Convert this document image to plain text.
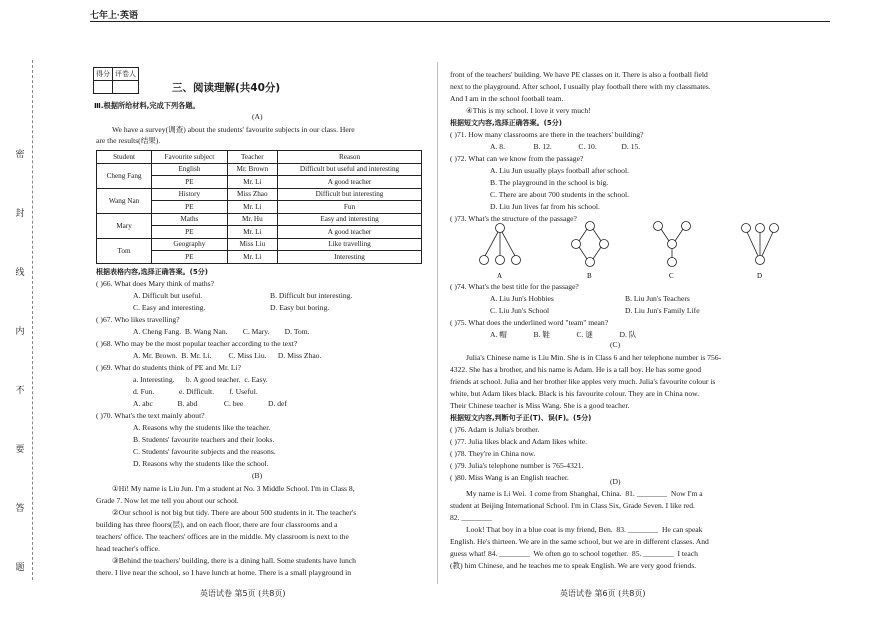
七年上·英语
密
封
线
内
不
要
答
题
得分	评卷人

三、阅读理解(共40分)
Ⅲ.根据所给材料,完成下列各题。
(A)
We have a survey(调查) about the students' favourite subjects in our class. Here
are the results(结果).
Student	Favourite subject	Teacher	Reason
Cheng Fang	English	Mr. Brown	Difficult but useful and interesting
	PE	Mr. Li	A good teacher
Wang Nan	History	Miss Zhao	Difficult but interesting
	PE	Mr. Li	Fun
Mary	Maths	Mr. Hu	Easy and interesting
	PE	Mr. Li	A good teacher
Tom	Geography	Miss Liu	Like travelling
	PE	Mr. Li	Interesting
根据表格内容,选择正确答案。(5分)
( )66. What does Mary think of maths?
A. Difficult but useful.	B. Difficult but interesting.
C. Easy and interesting.	D. Easy but boring.
( )67. Who likes travelling?
A. Cheng Fang.  B. Wang Nan.        C. Mary.        D. Tom.
( )68. Who may be the most popular teacher according to the text?
A. Mr. Brown.  B. Mr. Li.         C. Miss Liu.      D. Miss Zhao.
( )69. What do students think of PE and Mr. Li?
a. Interesting.      b. A good teacher.  c. Easy.
d. Fun.             e. Difficult.        f. Useful.
A. abc             B. abd              C. bee             D. def
( )70. What's the text mainly about?
A. Reasons why the students like the teacher.
B. Students' favourite teachers and their looks.
C. Students' favourite subjects and the reasons.
D. Reasons why the students like the school.
(B)
①Hi! My name is Liu Jun. I'm a student at No. 3 Middle School. I'm in Class 8,
Grade 7. Now let me tell you about our school.
②Our school is not big but tidy. There are about 500 students in it. The teacher's
building has three floors(层), and on each floor, there are four classrooms and a
teachers' office. The teachers' offices are in the middle. My classroom is next to the
head teacher's office.
③Behind the teachers' building, there is a dining hall. Some students have lunch
there. I live near the school, so I have lunch at home. There is a small playground in
英语试卷 第5页 (共8页)
front of the teachers' building. We have PE classes on it. There is also a football field
next to the playground. After school, I usually play football there with my classmates.
And I am in the school football team.
④This is my school. I love it very much!
根据短文内容,选择正确答案。(5分)
( )71. How many classrooms are there in the teachers' building?
A. 8.               B. 12.              C. 10.             D. 15.
( )72. What can we know from the passage?
A. Liu Jun usually plays football after school.
B. The playground in the school is big.
C. There are about 700 students in the school.
D. Liu Jun lives far from his school.
( )73. What's the structure of the passage?
A	B	C	D
( )74. What's the best title for the passage?
A. Liu Jun's Hobbies	B. Liu Jun's Teachers
C. Liu Jun's School	D. Liu Jun's Family Life
( )75. What does the underlined word "team" mean?
A. 帽              B. 鞋              C. 谜              D. 队
(C)
Julia's Chinese name is Liu Min. She is in Class 6 and her telephone number is 756-
4322. She has a brother, and his name is Adam. He is a tall boy. He has some good
friends at school. Julia and her brother like apples very much. Julia's favourite colour is
white, but Adam likes black. Black is his favourite colour. They are in China now.
Their Chinese teacher is Miss Wang. She is a good teacher.
根据短文内容,判断句子正(T)、误(F)。(5分)
( )76. Adam is Julia's brother.
( )77. Julia likes black and Adam likes white.
( )78. They're in China now.
( )79. Julia's telephone number is 765-4321.
( )80. Miss Wang is an English teacher.	(D)
My name is Li Wei.  I come from Shanghai, China.  81. ________  Now I'm a
student at Beijing International School. I'm in Class Six, Grade Seven. I like red.
82. ________
Look! That boy in a blue coat is my friend, Ben.  83. ________  He can speak
English. He's thirteen. We are in the same school, but we are in different classes. And
guess what! 84. ________  We often go to school together.  85. ________  I teach
(教) him Chinese, and he teaches me to speak English. We are very good friends.
英语试卷 第6页 (共8页)
